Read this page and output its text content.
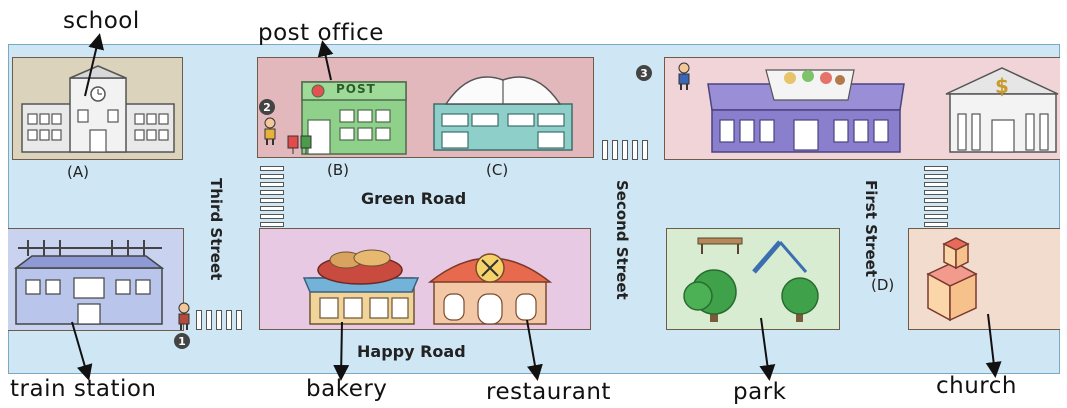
POST	$
1
2
3
Green Road
Happy Road
Third Street	Second Street	First Street
(A)	(B)	(C)
(D)
school	post office
train station	bakery	restaurant	park	church
